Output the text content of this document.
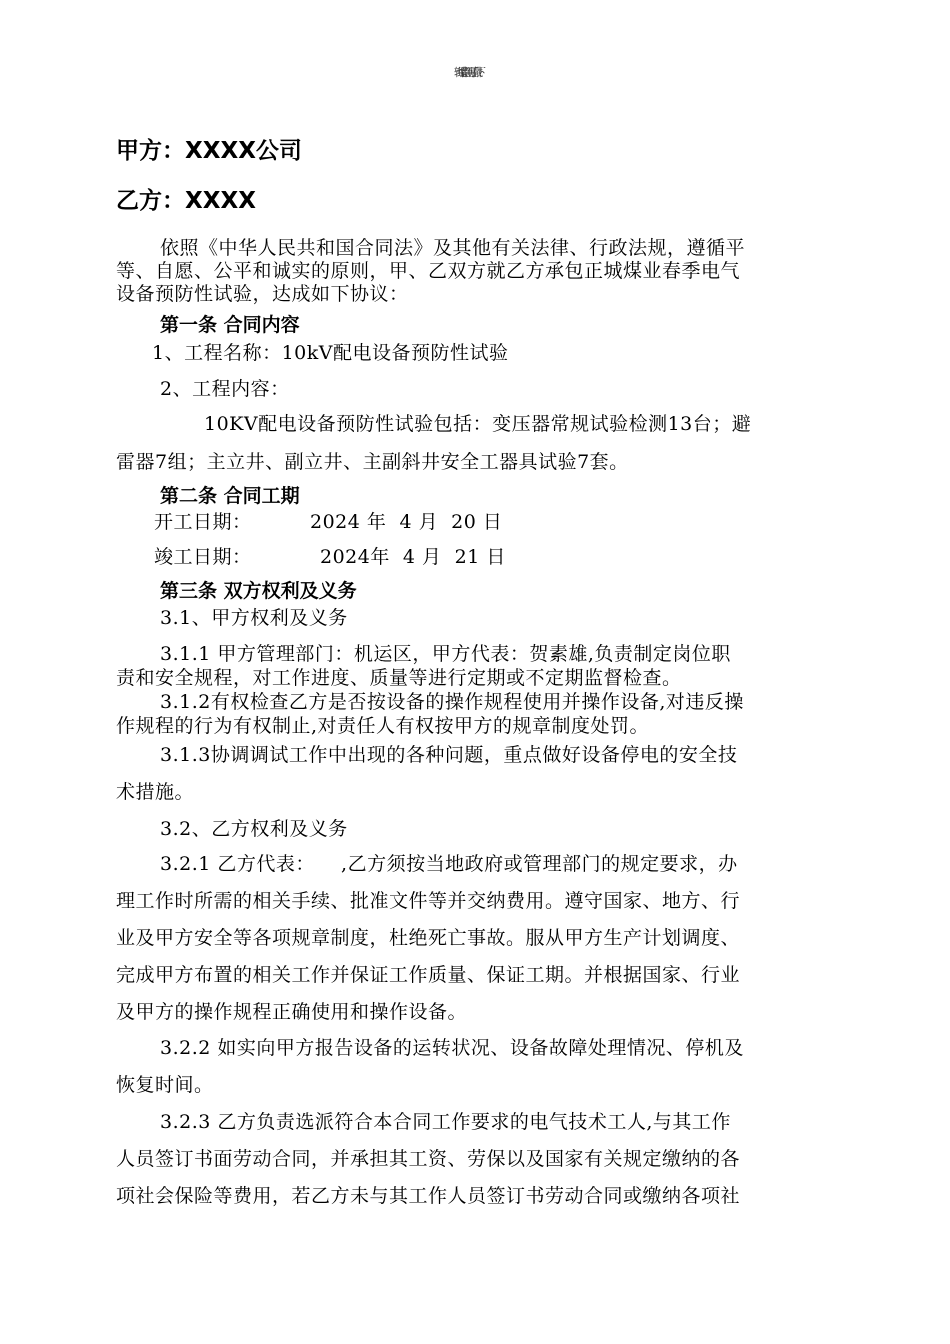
甲方：XXXX公司
乙方：XXXX
依照《中华人民共和国合同法》及其他有关法律、行政法规，遵循平
等、自愿、公平和诚实的原则，甲、乙双方就乙方承包正城煤业春季电气
设备预防性试验，达成如下协议：
第一条 合同内容
1、工程名称：10kV配电设备预防性试验
2、工程内容：
10KV配电设备预防性试验包括：变压器常规试验检测13台；避
雷器7组；主立井、副立井、主副斜井安全工器具试验7套。
第二条 合同工期
开工日期：	2024 年  4 月  20 日
竣工日期：	2024年  4 月  21 日
第三条 双方权利及义务
3.1、甲方权利及义务
3.1.1 甲方管理部门：机运区，甲方代表：贺素雄,负责制定岗位职
责和安全规程，对工作进度、质量等进行定期或不定期监督检查。
3.1.2有权检查乙方是否按设备的操作规程使用并操作设备,对违反操
作规程的行为有权制止,对责任人有权按甲方的规章制度处罚。
3.1.3协调调试工作中出现的各种问题，重点做好设备停电的安全技
术措施。
3.2、乙方权利及义务
3.2.1 乙方代表：    ,乙方须按当地政府或管理部门的规定要求，办
理工作时所需的相关手续、批准文件等并交纳费用。遵守国家、地方、行
业及甲方安全等各项规章制度，杜绝死亡事故。服从甲方生产计划调度、
完成甲方布置的相关工作并保证工作质量、保证工期。并根据国家、行业
及甲方的操作规程正确使用和操作设备。
3.2.2 如实向甲方报告设备的运转状况、设备故障处理情况、停机及
恢复时间。
3.2.3 乙方负责选派符合本合同工作要求的电气技术工人,与其工作
人员签订书面劳动合同，并承担其工资、劳保以及国家有关规定缴纳的各
项社会保险等费用，若乙方未与其工作人员签订书劳动合同或缴纳各项社
